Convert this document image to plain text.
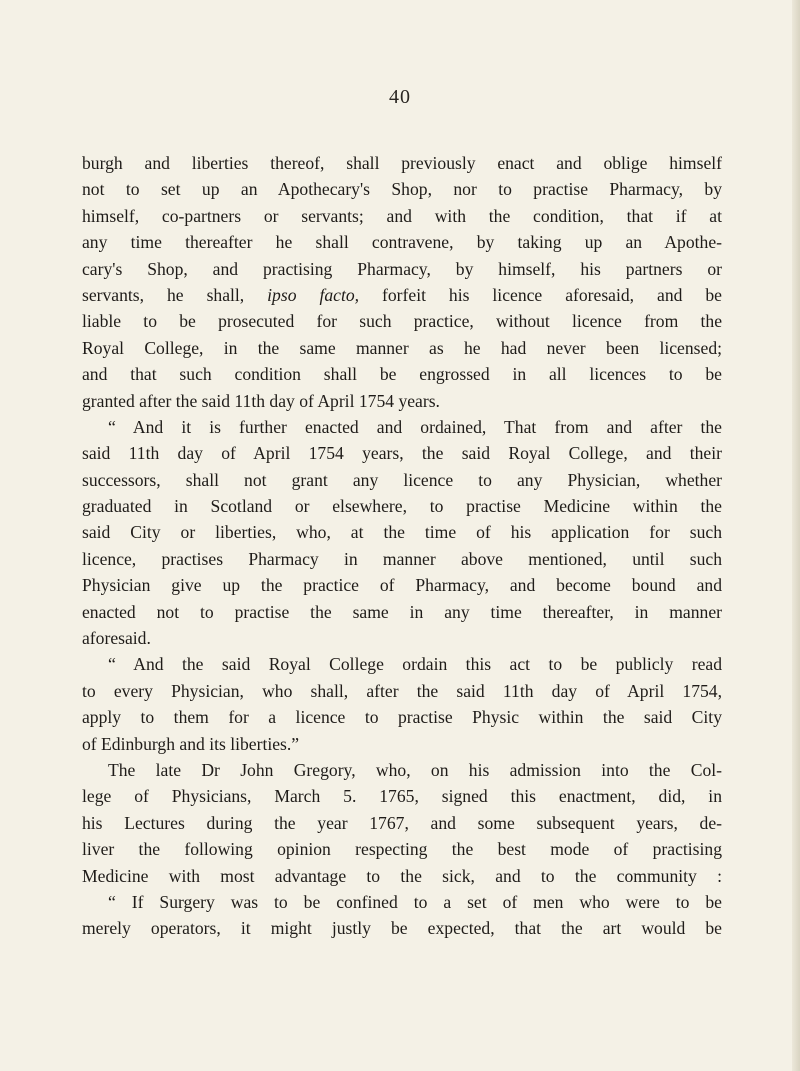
40
burgh and liberties thereof, shall previously enact and oblige himself
not to set up an Apothecary's Shop, nor to practise Pharmacy, by
himself, co-partners or servants; and with the condition, that if at
any time thereafter he shall contravene, by taking up an Apothe-
cary's Shop, and practising Pharmacy, by himself, his partners or
servants, he shall, ipso facto, forfeit his licence aforesaid, and be
liable to be prosecuted for such practice, without licence from the
Royal College, in the same manner as he had never been licensed;
and that such condition shall be engrossed in all licences to be
granted after the said 11th day of April 1754 years.
“ And it is further enacted and ordained, That from and after the
said 11th day of April 1754 years, the said Royal College, and their
successors, shall not grant any licence to any Physician, whether
graduated in Scotland or elsewhere, to practise Medicine within the
said City or liberties, who, at the time of his application for such
licence, practises Pharmacy in manner above mentioned, until such
Physician give up the practice of Pharmacy, and become bound and
enacted not to practise the same in any time thereafter, in manner
aforesaid.
“ And the said Royal College ordain this act to be publicly read
to every Physician, who shall, after the said 11th day of April 1754,
apply to them for a licence to practise Physic within the said City
of Edinburgh and its liberties.”
The late Dr John Gregory, who, on his admission into the Col-
lege of Physicians, March 5. 1765, signed this enactment, did, in
his Lectures during the year 1767, and some subsequent years, de-
liver the following opinion respecting the best mode of practising
Medicine with most advantage to the sick, and to the community :
“ If Surgery was to be confined to a set of men who were to be
merely operators, it might justly be expected, that the art would be
